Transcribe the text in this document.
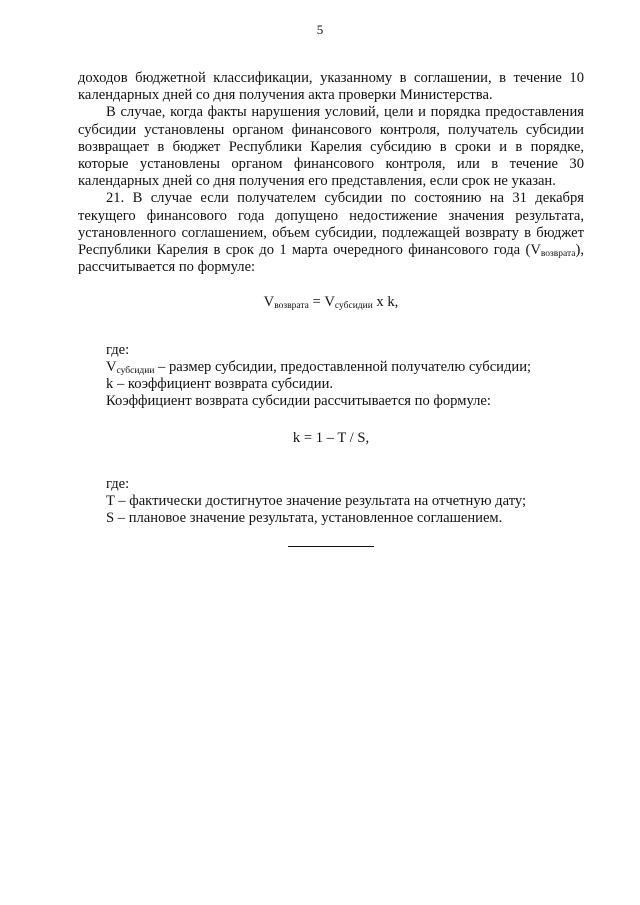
5

доходов бюджетной классификации, указанному в соглашении, в течение 10 календарных дней со дня получения акта проверки Министерства.

В случае, когда факты нарушения условий, цели и порядка предоставления субсидии установлены органом финансового контроля, получатель субсидии возвращает в бюджет Республики Карелия субсидию в сроки и в порядке, которые установлены органом финансового контроля, или в течение 30 календарных дней со дня получения его представления, если срок не указан.

21. В случае если получателем субсидии по состоянию на 31 декабря текущего финансового года допущено недостижение значения результата, установленного соглашением, объем субсидии, подлежащей возврату в бюджет Республики Карелия в срок до 1 марта очередного финансового года $(V_{возврата})$, рассчитывается по формуле:

$V_{возврата} = V_{субсидии}$ x k,

где:

$V_{субсидии}$ – размер субсидии, предоставленной получателю субсидии;

k – коэффициент возврата субсидии.

Коэффициент возврата субсидии рассчитывается по формуле:

k = 1 – T / S,

где:

T – фактически достигнутое значение результата на отчетную дату;

S – плановое значение результата, установленное соглашением.
